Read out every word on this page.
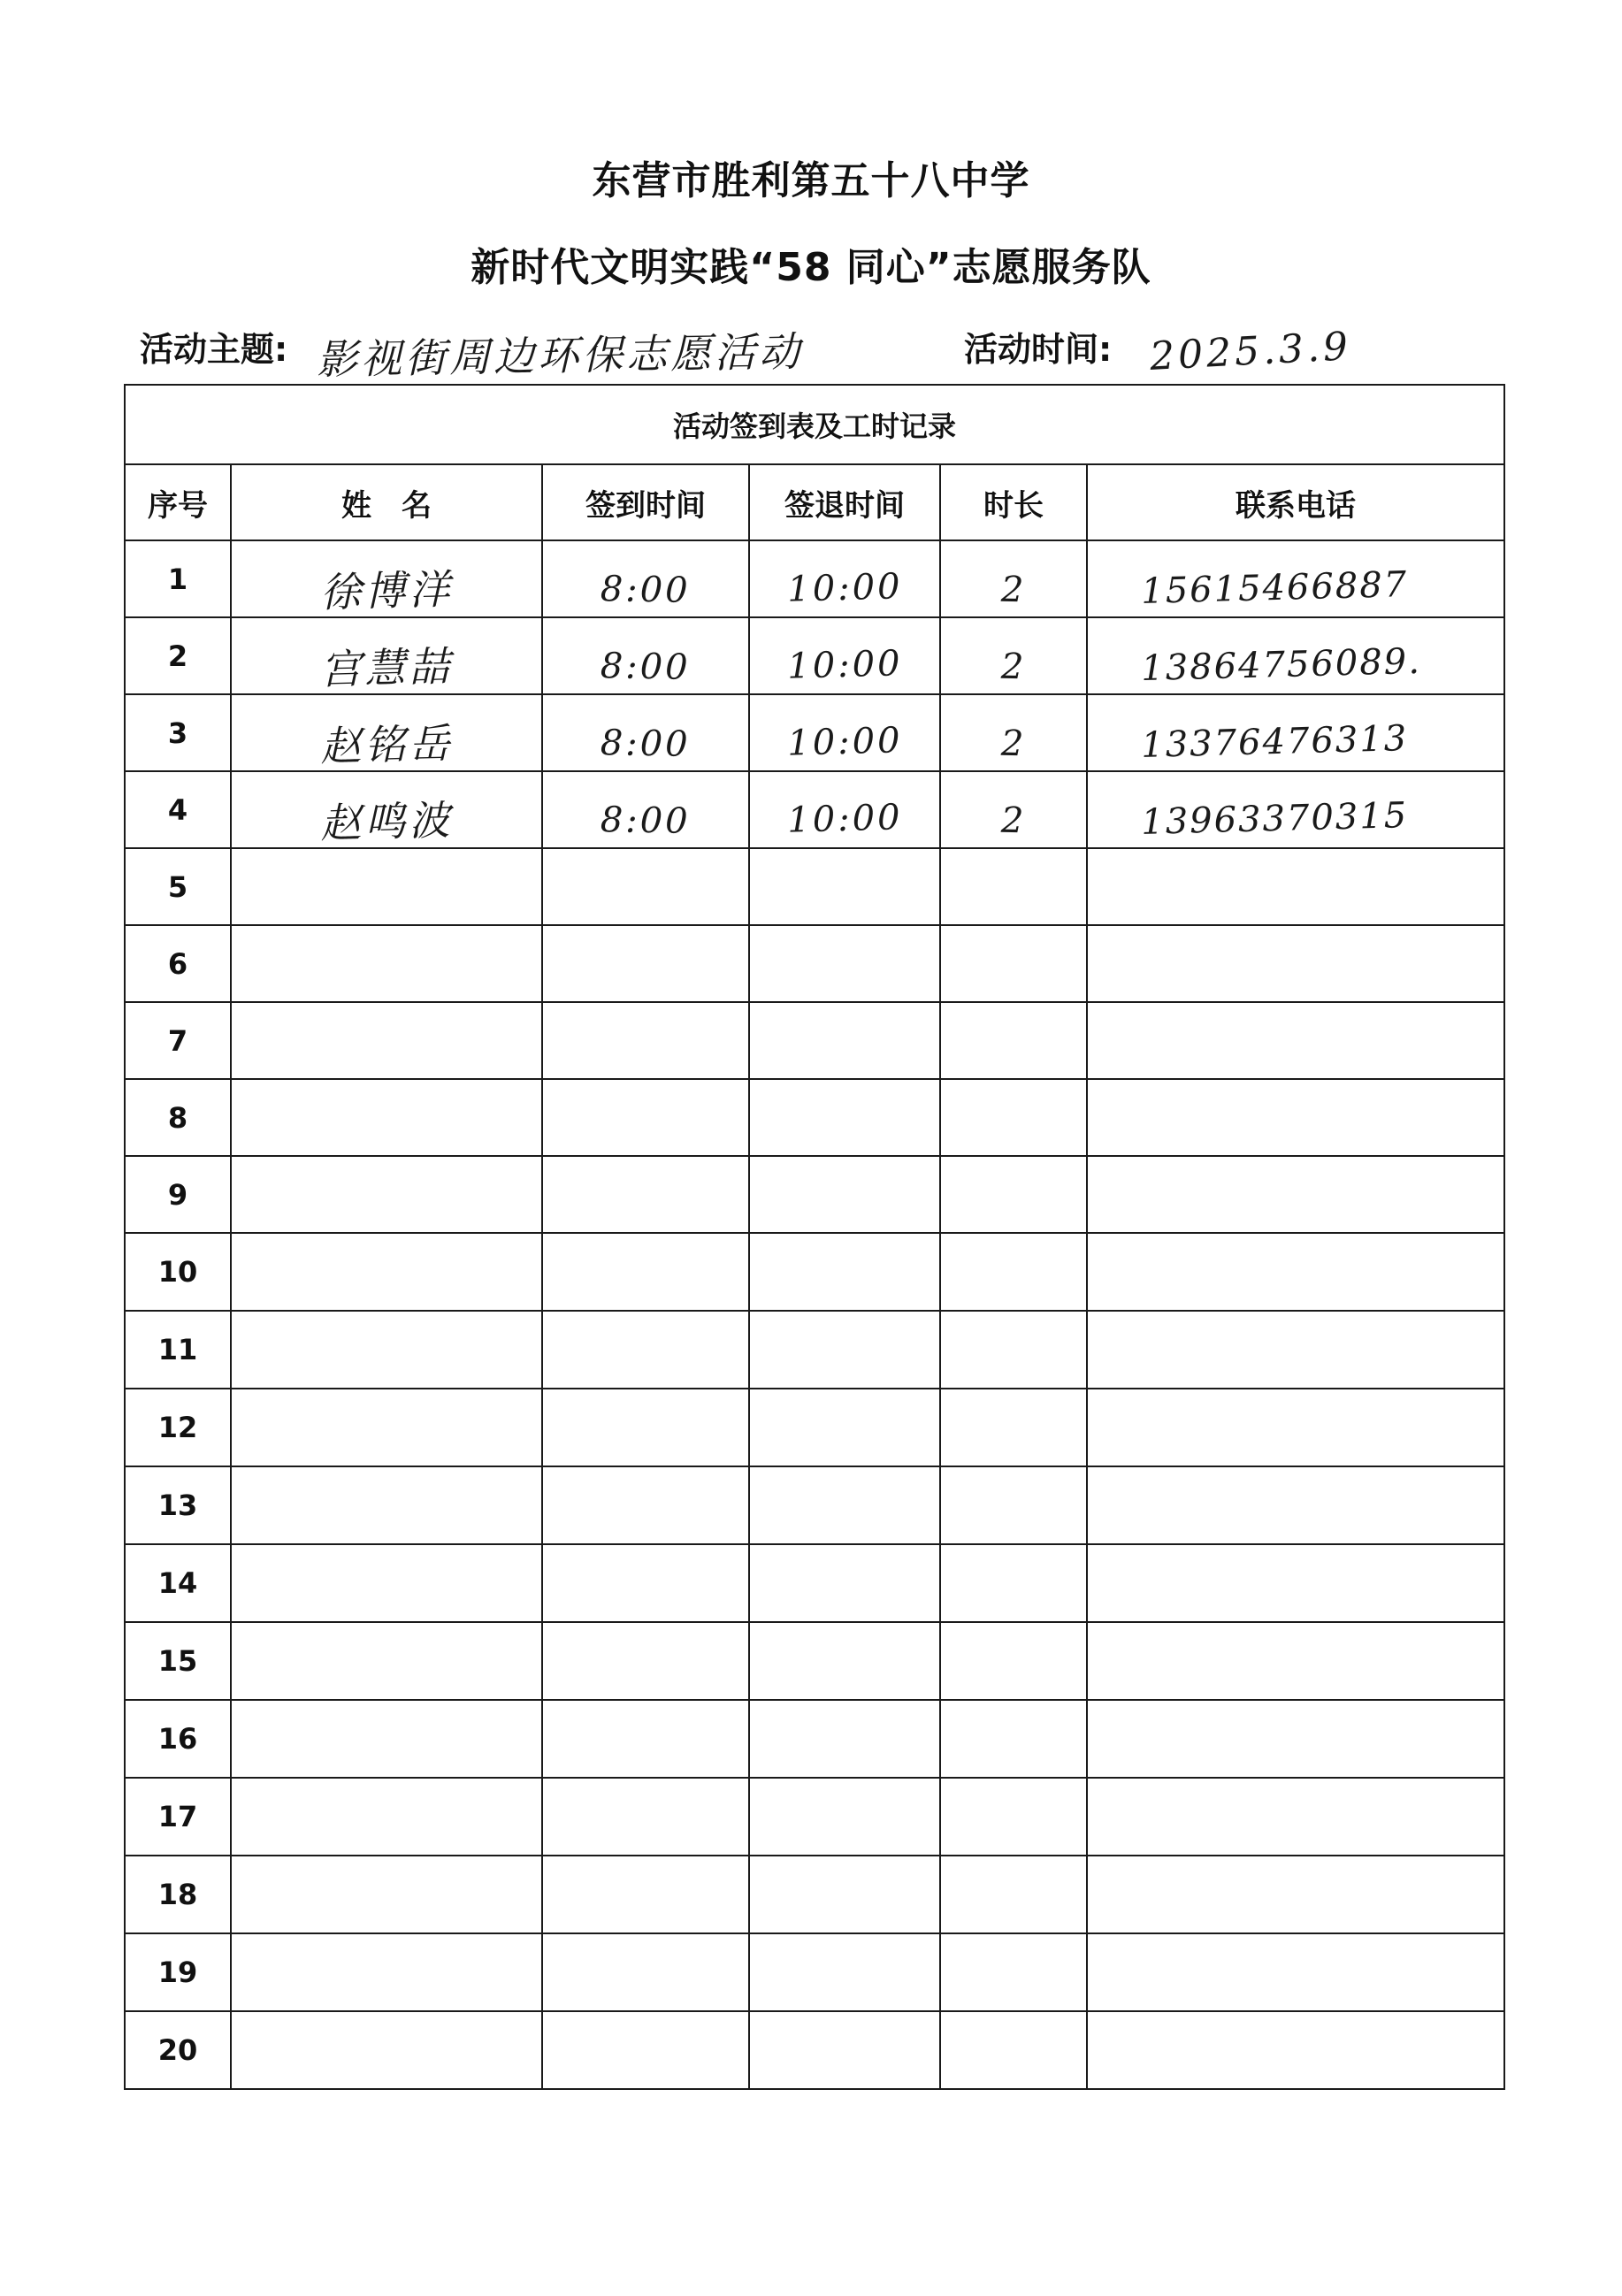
东营市胜利第五十八中学
新时代文明实践“58 同心”志愿服务队
活动主题: 影视街周边环保志愿活动	活动时间: 2025.3.9
活动签到表及工时记录					
序号	姓　名	签到时间	签退时间	时长	联系电话
1	徐博洋	8:00	10:00	2	15615466887
2	宫慧喆	8:00	10:00	2	13864756089.
3	赵铭岳	8:00	10:00	2	13376476313
4	赵鸣波	8:00	10:00	2	13963370315
5					
6					
7					
8					
9					
10					
11					
12					
13					
14					
15					
16					
17					
18					
19					
20					
